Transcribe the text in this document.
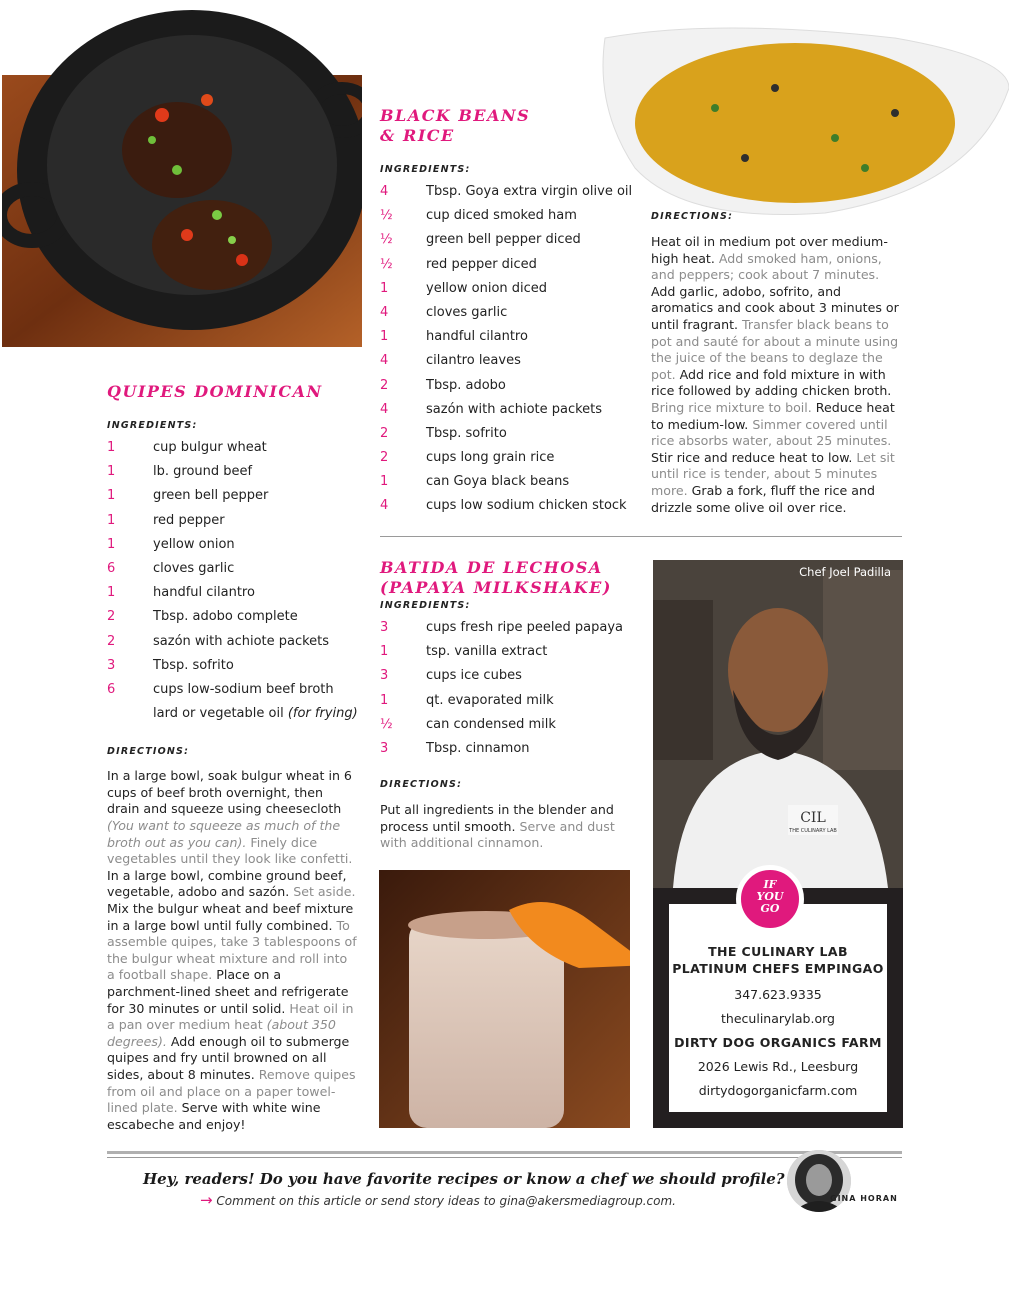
BLACK BEANS
& RICE
INGREDIENTS:
4	Tbsp. Goya extra virgin olive oil
½	cup diced smoked ham
½	green bell pepper diced
½	red pepper diced
1	yellow onion diced
4	cloves garlic
1	handful cilantro
4	cilantro leaves
2	Tbsp. adobo
4	sazón with achiote packets
2	Tbsp. sofrito
2	cups long grain rice
1	can Goya black beans
4	cups low sodium chicken stock
DIRECTIONS:

Heat oil in medium pot over medium-high heat. Add smoked ham, onions, and peppers; cook about 7 minutes. Add garlic, adobo, sofrito, and aromatics and cook about 3 minutes or until fragrant. Transfer black beans to pot and sauté for about a minute using the juice of the beans to deglaze the pot. Add rice and fold mixture in with rice followed by adding chicken broth. Bring rice mixture to boil. Reduce heat to medium-low. Simmer covered until rice absorbs water, about 25 minutes. Stir rice and reduce heat to low. Let sit until rice is tender, about 5 minutes more. Grab a fork, fluff the rice and drizzle some olive oil over rice.

QUIPES DOMINICAN
INGREDIENTS:
1	cup bulgur wheat
1	lb. ground beef
1	green bell pepper
1	red pepper
1	yellow onion
6	cloves garlic
1	handful cilantro
2	Tbsp. adobo complete
2	sazón with achiote packets
3	Tbsp. sofrito
6	cups low-sodium beef broth
lard or vegetable oil (for frying)
DIRECTIONS:

In a large bowl, soak bulgur wheat in 6 cups of beef broth overnight, then drain and squeeze using cheesecloth (You want to squeeze as much of the broth out as you can). Finely dice vegetables until they look like confetti. In a large bowl, combine ground beef, vegetable, adobo and sazón. Set aside. Mix the bulgur wheat and beef mixture in a large bowl until fully combined. To assemble quipes, take 3 tablespoons of the bulgur wheat mixture and roll into a football shape. Place on a parchment-lined sheet and refrigerate for 30 minutes or until solid. Heat oil in a pan over medium heat (about 350 degrees). Add enough oil to submerge quipes and fry until browned on all sides, about 8 minutes. Remove quipes from oil and place on a paper towel-lined plate. Serve with white wine escabeche and enjoy!

BATIDA DE LECHOSA
(PAPAYA MILKSHAKE)
INGREDIENTS:
3	cups fresh ripe peeled papaya
1	tsp. vanilla extract
3	cups ice cubes
1	qt. evaporated milk
½	can condensed milk
3	Tbsp. cinnamon
DIRECTIONS:

Put all ingredients in the blender and process until smooth. Serve and dust with additional cinnamon.

CIL
THE CULINARY LAB
Chef Joel Padilla
THE CULINARY LAB
PLATINUM CHEFS EMPINGAO
347.623.9335
theculinarylab.org
DIRTY DOG ORGANICS FARM
2026 Lewis Rd., Leesburg
dirtydogorganicfarm.com
IF
YOU
GO
Hey, readers! Do you have favorite recipes or know a chef we should profile?
→ Comment on this article or send story ideas to gina@akersmediagroup.com.	GINA HORAN
